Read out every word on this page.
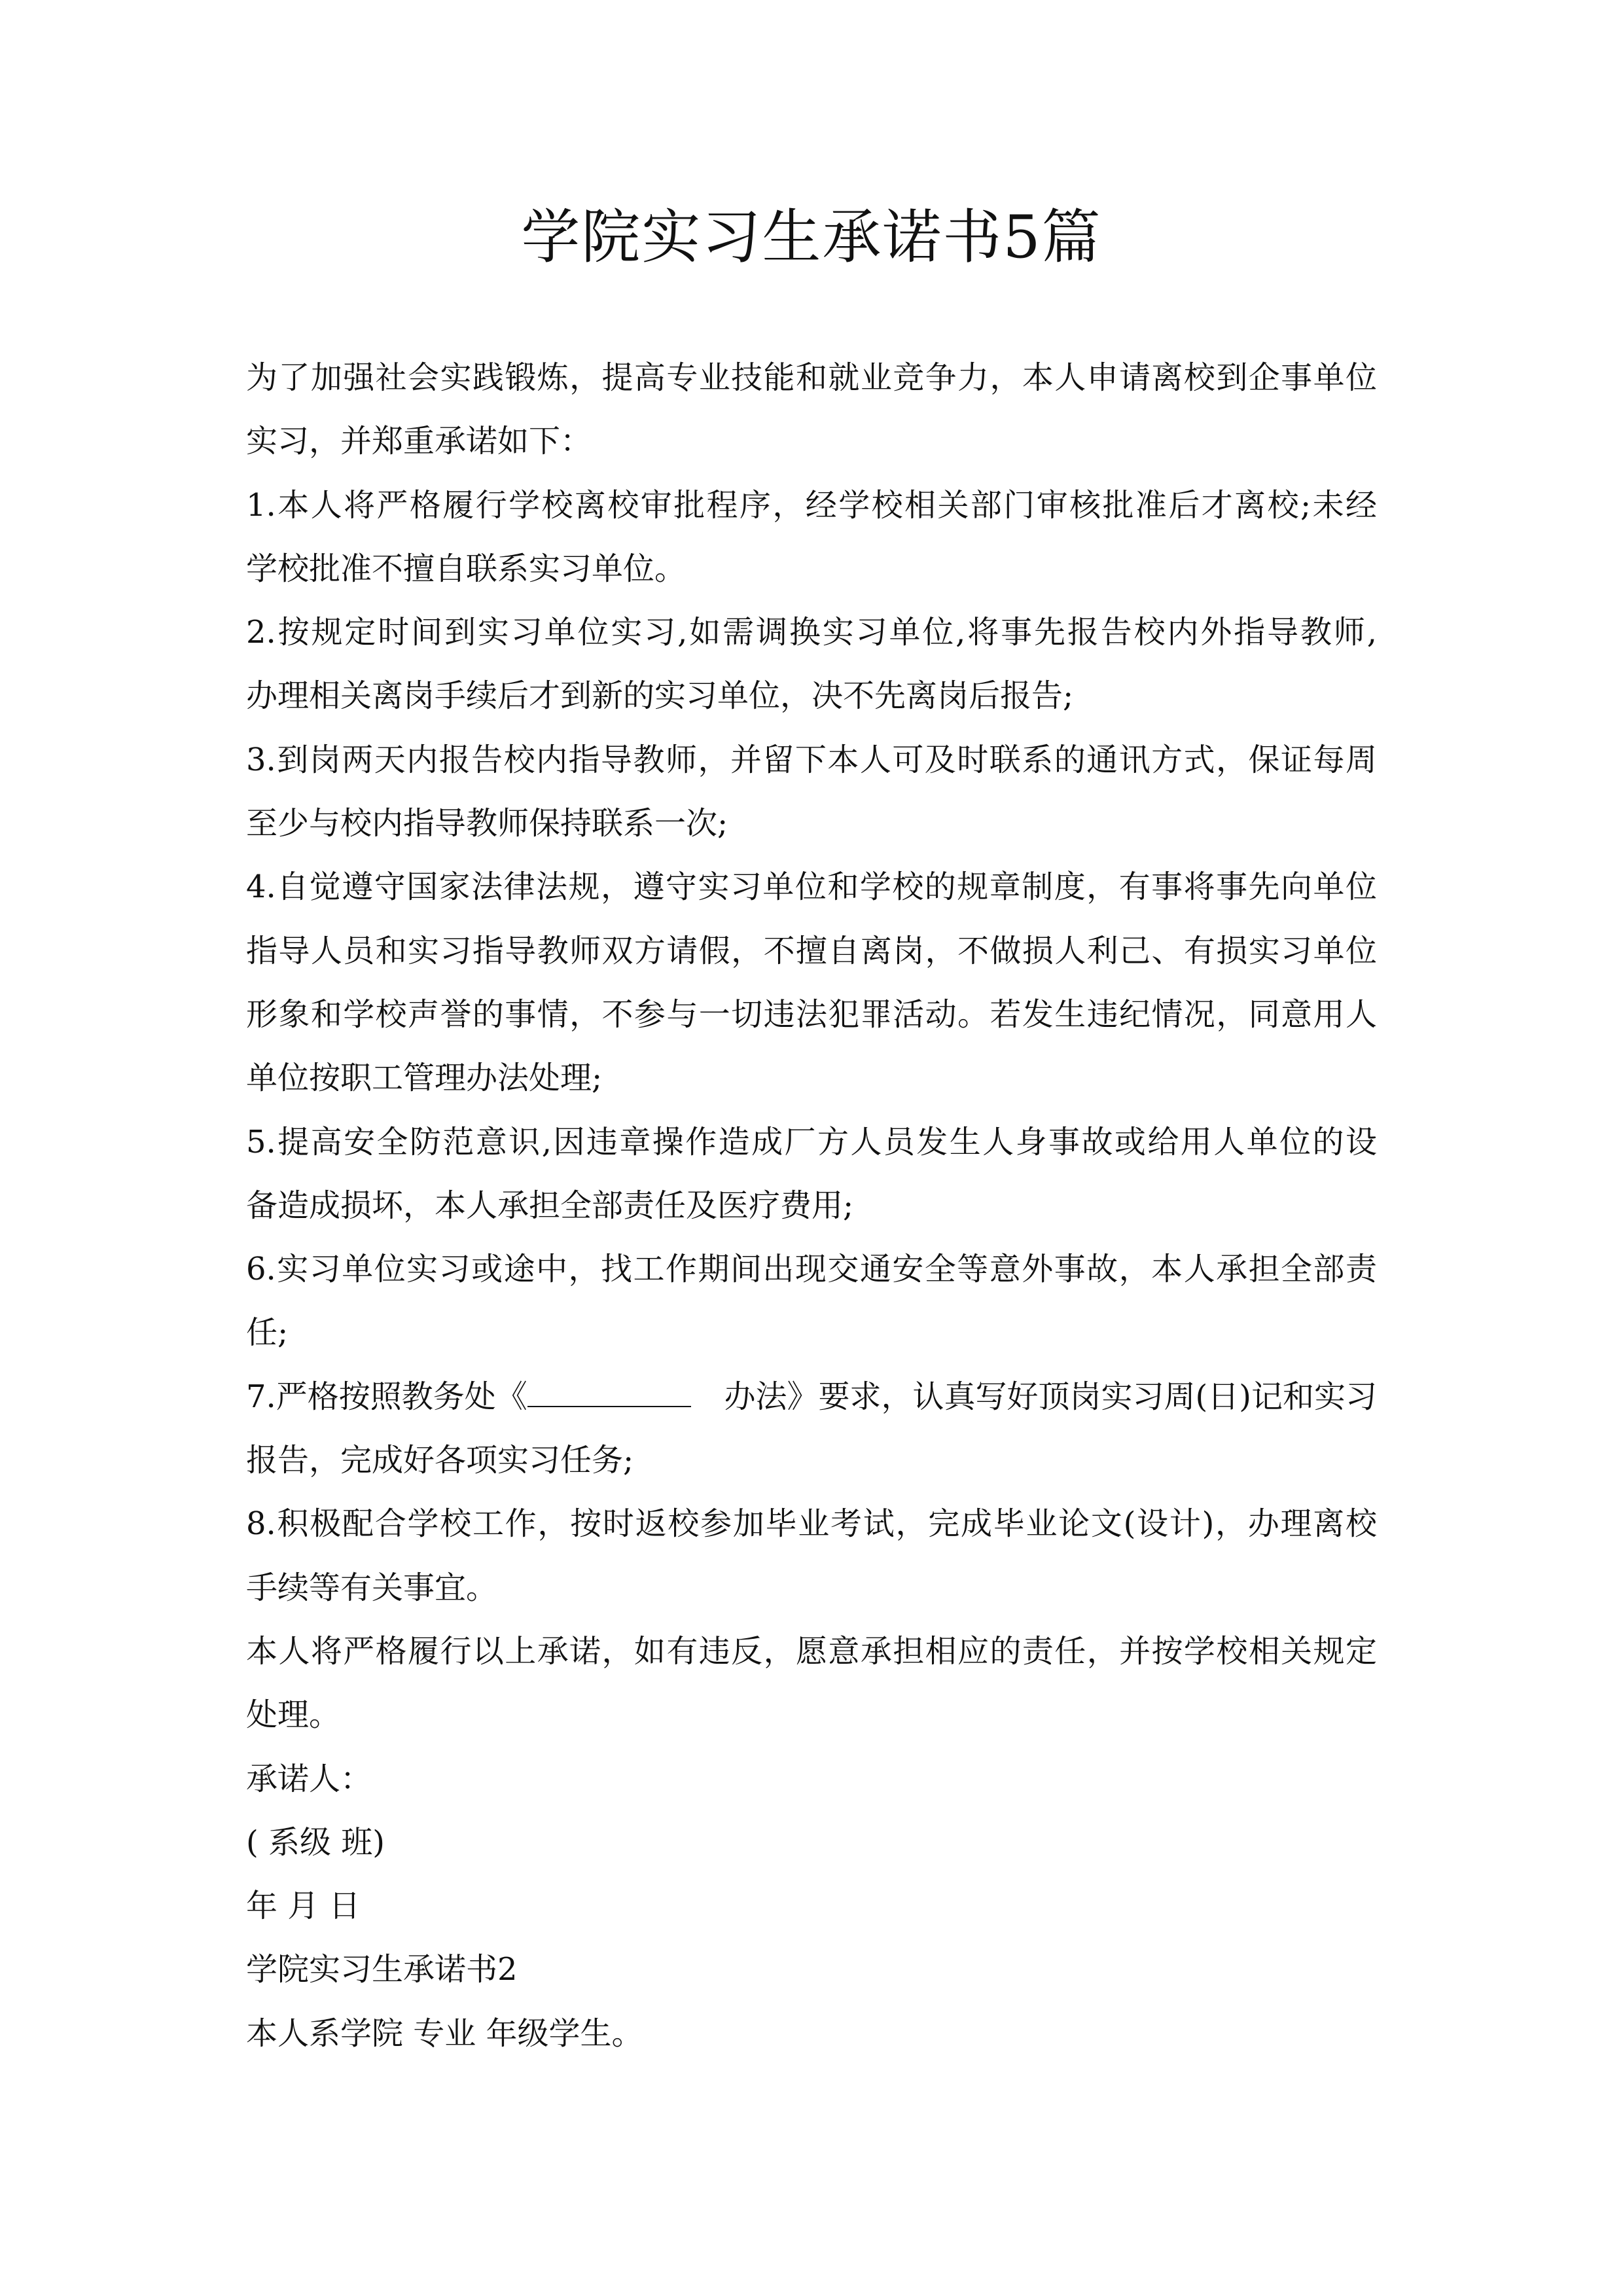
学院实习生承诺书5篇
为了加强社会实践锻炼，提高专业技能和就业竞争力，本人申请离校到企事单位
实习，并郑重承诺如下：
1.本人将严格履行学校离校审批程序，经学校相关部门审核批准后才离校;未经
学校批准不擅自联系实习单位。
2.按规定时间到实习单位实习,如需调换实习单位,将事先报告校内外指导教师,
办理相关离岗手续后才到新的实习单位，决不先离岗后报告;
3.到岗两天内报告校内指导教师，并留下本人可及时联系的通讯方式，保证每周
至少与校内指导教师保持联系一次;
4.自觉遵守国家法律法规，遵守实习单位和学校的规章制度，有事将事先向单位
指导人员和实习指导教师双方请假，不擅自离岗，不做损人利己、有损实习单位
形象和学校声誉的事情，不参与一切违法犯罪活动。若发生违纪情况，同意用人
单位按职工管理办法处理;
5.提高安全防范意识,因违章操作造成厂方人员发生人身事故或给用人单位的设
备造成损坏，本人承担全部责任及医疗费用;
6.实习单位实习或途中，找工作期间出现交通安全等意外事故，本人承担全部责
任;
7.严格按照教务处《	办法》要求，认真写好顶岗实习周(日)记和实习
报告，完成好各项实习任务;
8.积极配合学校工作，按时返校参加毕业考试，完成毕业论文(设计)，办理离校
手续等有关事宜。
本人将严格履行以上承诺，如有违反，愿意承担相应的责任，并按学校相关规定
处理。
承诺人：
( 系级 班)
年 月 日
学院实习生承诺书2
本人系学院 专业 年级学生。
